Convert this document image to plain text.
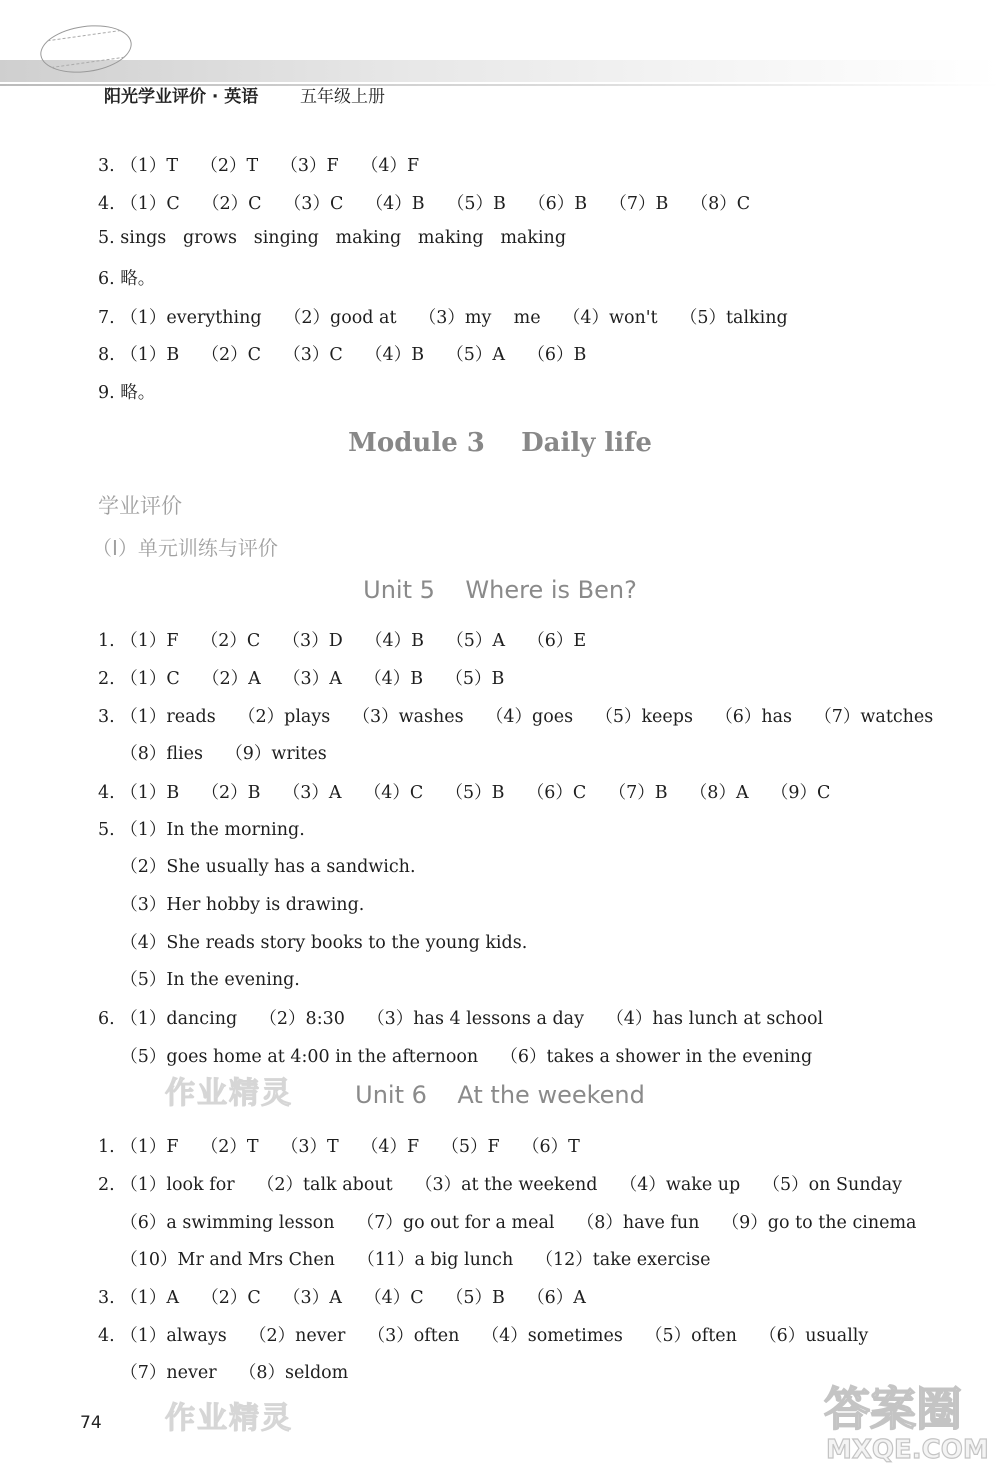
阳光学业评价 · 英语 五年级上册
3. （1）T    （2）T    （3）F    （4）F
4. （1）C    （2）C    （3）C    （4）B    （5）B    （6）B    （7）B    （8）C
5. sings   grows   singing   making   making   making
6. 略。
7. （1）everything    （2）good at    （3）my    me    （4）won't    （5）talking
8. （1）B    （2）C    （3）C    （4）B    （5）A    （6）B
9. 略。
Module 3    Daily life
学业评价
（Ⅰ）单元训练与评价
Unit 5    Where is Ben?
1. （1）F    （2）C    （3）D    （4）B    （5）A    （6）E
2. （1）C    （2）A    （3）A    （4）B    （5）B
3. （1）reads    （2）plays    （3）washes    （4）goes    （5）keeps    （6）has    （7）watches
（8）flies    （9）writes
4. （1）B    （2）B    （3）A    （4）C    （5）B    （6）C    （7）B    （8）A    （9）C
5. （1）In the morning.
（2）She usually has a sandwich.
（3）Her hobby is drawing.
（4）She reads story books to the young kids.
（5）In the evening.
6. （1）dancing    （2）8:30    （3）has 4 lessons a day    （4）has lunch at school
（5）goes home at 4:00 in the afternoon    （6）takes a shower in the evening
作业精灵	Unit 6    At the weekend
1. （1）F    （2）T    （3）T    （4）F    （5）F    （6）T
2. （1）look for    （2）talk about    （3）at the weekend    （4）wake up    （5）on Sunday
（6）a swimming lesson    （7）go out for a meal    （8）have fun    （9）go to the cinema
（10）Mr and Mrs Chen    （11）a big lunch    （12）take exercise
3. （1）A    （2）C    （3）A    （4）C    （5）B    （6）A
4. （1）always    （2）never    （3）often    （4）sometimes    （5）often    （6）usually
（7）never    （8）seldom
作业精灵
74	答案圈
MXQE.COM
